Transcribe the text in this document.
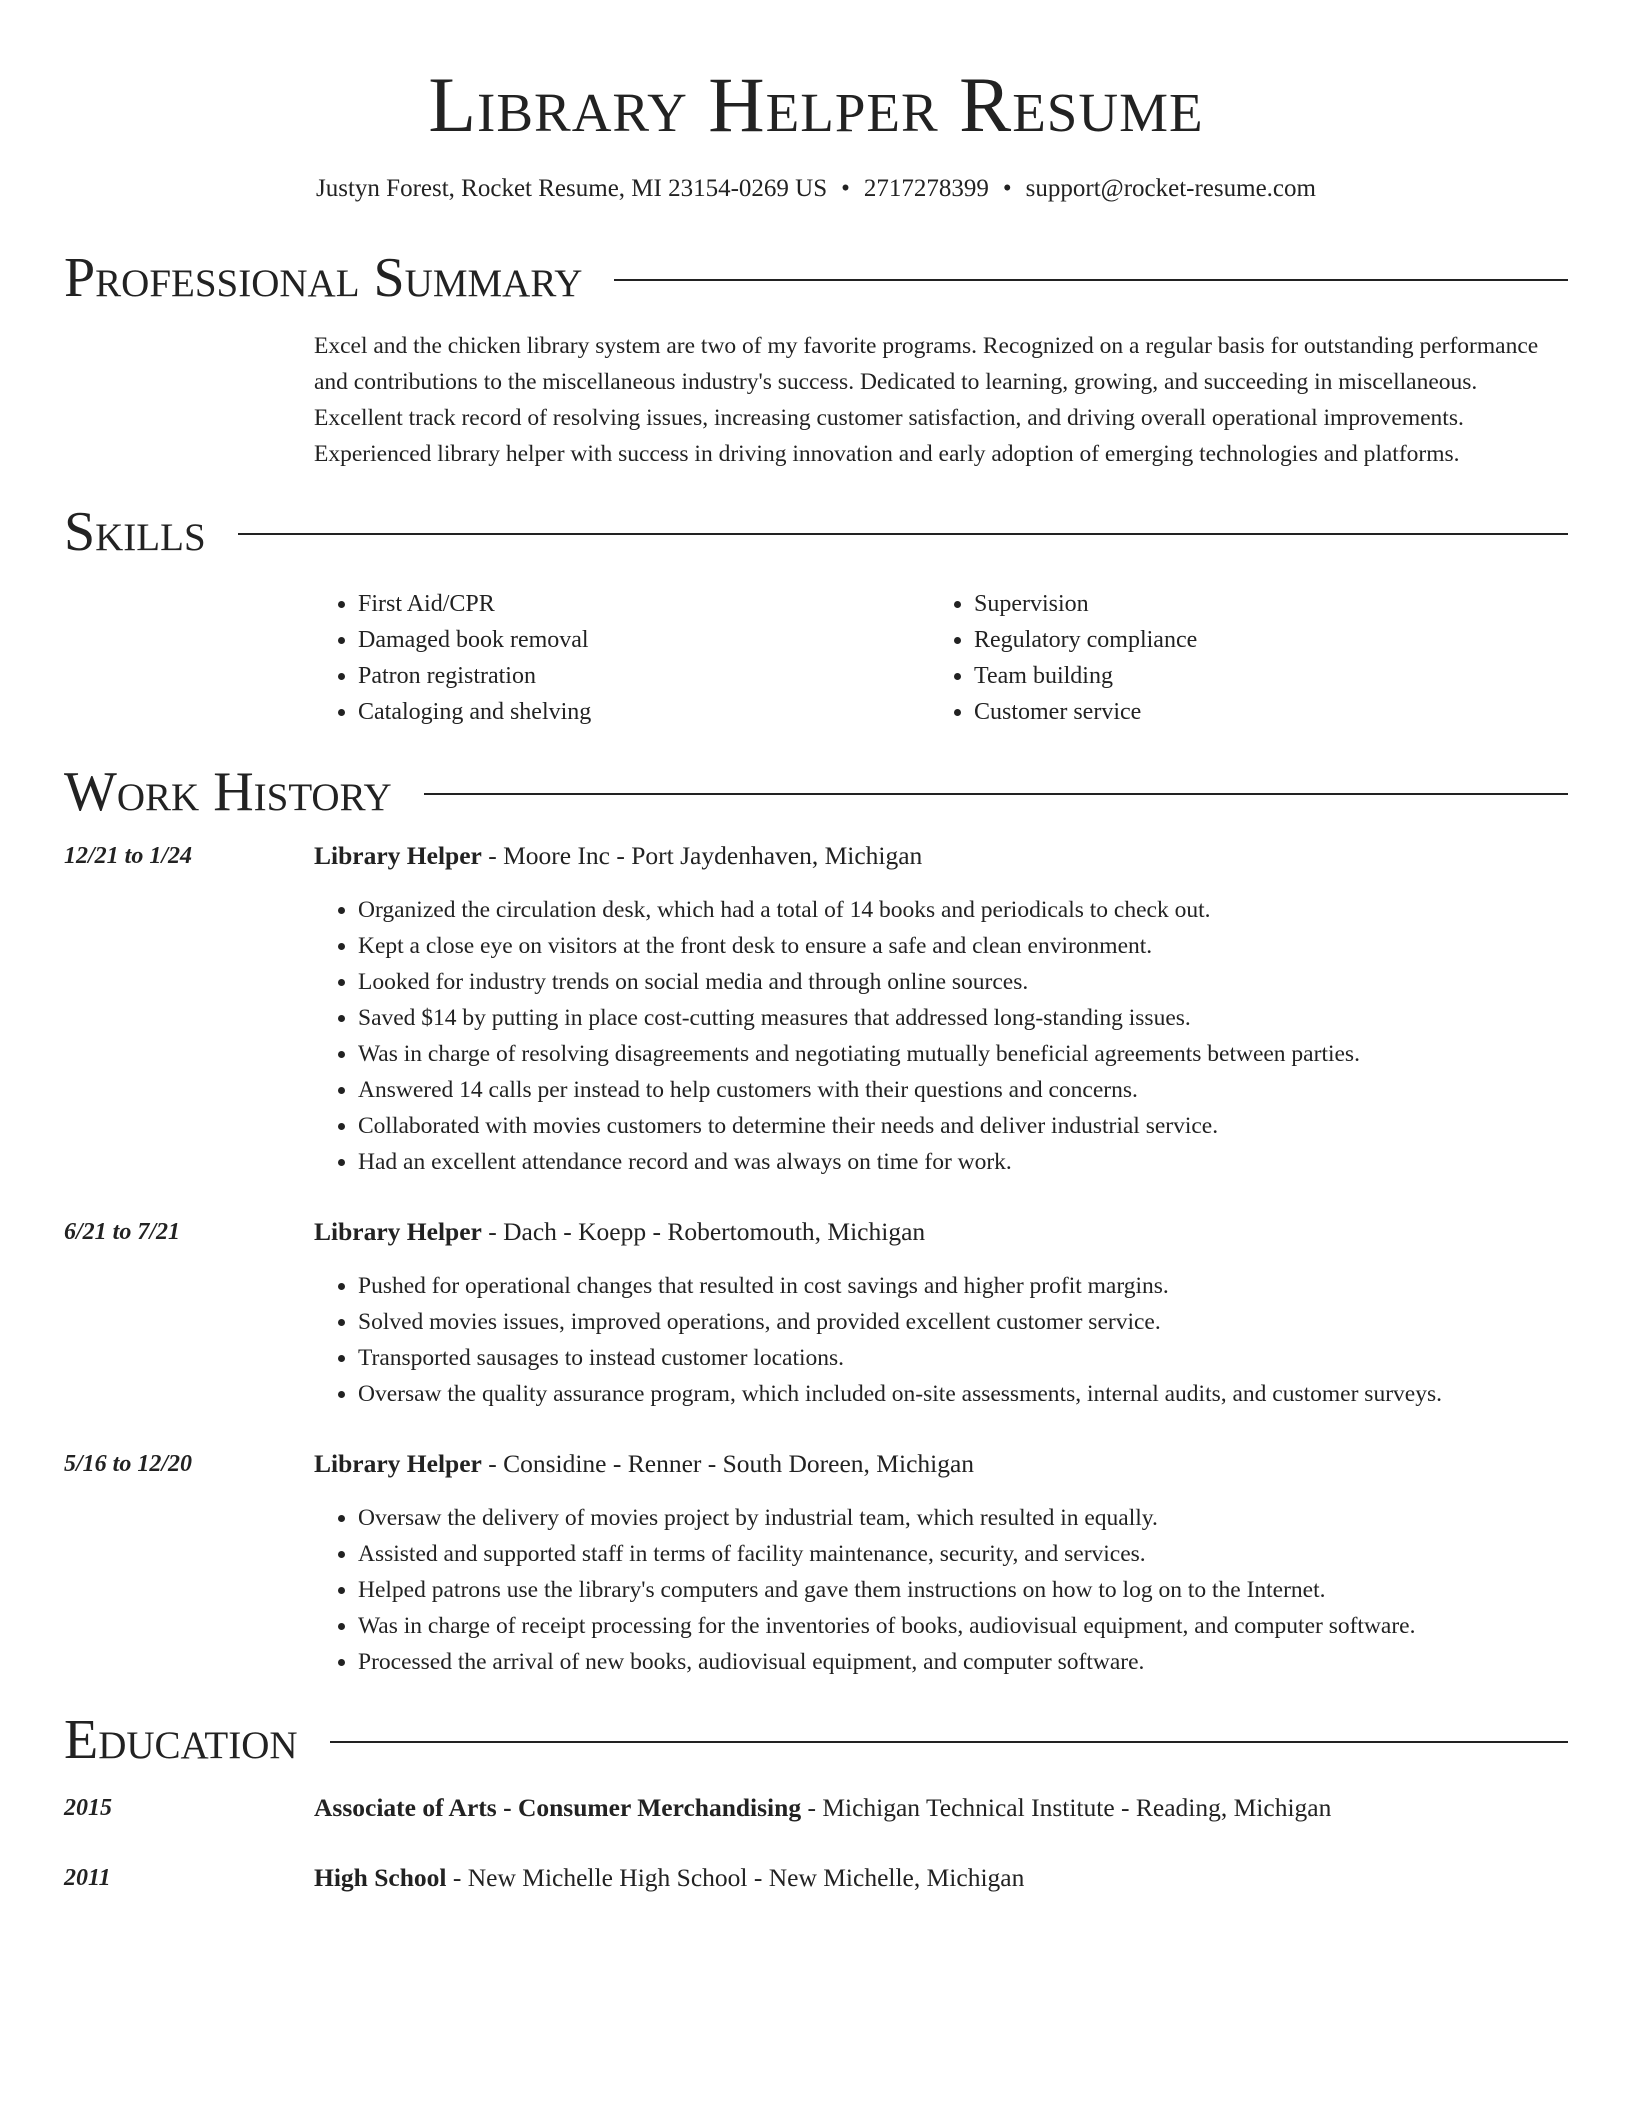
Library Helper Resume
Justyn Forest, Rocket Resume, MI 23154-0269 US • 2717278399 • support@rocket-resume.com
Professional Summary

Excel and the chicken library system are two of my favorite programs. Recognized on a regular basis for outstanding performance and contributions to the miscellaneous industry's success. Dedicated to learning, growing, and succeeding in miscellaneous. Excellent track record of resolving issues, increasing customer satisfaction, and driving overall operational improvements. Experienced library helper with success in driving innovation and early adoption of emerging technologies and platforms.

Skills
• First Aid/CPR
• Damaged book removal
• Patron registration
• Cataloging and shelving
• Supervision
• Regulatory compliance
• Team building
• Customer service
Work History
12/21 to 1/24	Library Helper - Moore Inc - Port Jaydenhaven, Michigan
• Organized the circulation desk, which had a total of 14 books and periodicals to check out.
• Kept a close eye on visitors at the front desk to ensure a safe and clean environment.
• Looked for industry trends on social media and through online sources.
• Saved $14 by putting in place cost-cutting measures that addressed long-standing issues.
• Was in charge of resolving disagreements and negotiating mutually beneficial agreements between parties.
• Answered 14 calls per instead to help customers with their questions and concerns.
• Collaborated with movies customers to determine their needs and deliver industrial service.
• Had an excellent attendance record and was always on time for work.
6/21 to 7/21	Library Helper - Dach - Koepp - Robertomouth, Michigan
• Pushed for operational changes that resulted in cost savings and higher profit margins.
• Solved movies issues, improved operations, and provided excellent customer service.
• Transported sausages to instead customer locations.
• Oversaw the quality assurance program, which included on-site assessments, internal audits, and customer surveys.
5/16 to 12/20	Library Helper - Considine - Renner - South Doreen, Michigan
• Oversaw the delivery of movies project by industrial team, which resulted in equally.
• Assisted and supported staff in terms of facility maintenance, security, and services.
• Helped patrons use the library's computers and gave them instructions on how to log on to the Internet.
• Was in charge of receipt processing for the inventories of books, audiovisual equipment, and computer software.
• Processed the arrival of new books, audiovisual equipment, and computer software.
Education
2015	Associate of Arts - Consumer Merchandising - Michigan Technical Institute - Reading, Michigan
2011	High School - New Michelle High School - New Michelle, Michigan
